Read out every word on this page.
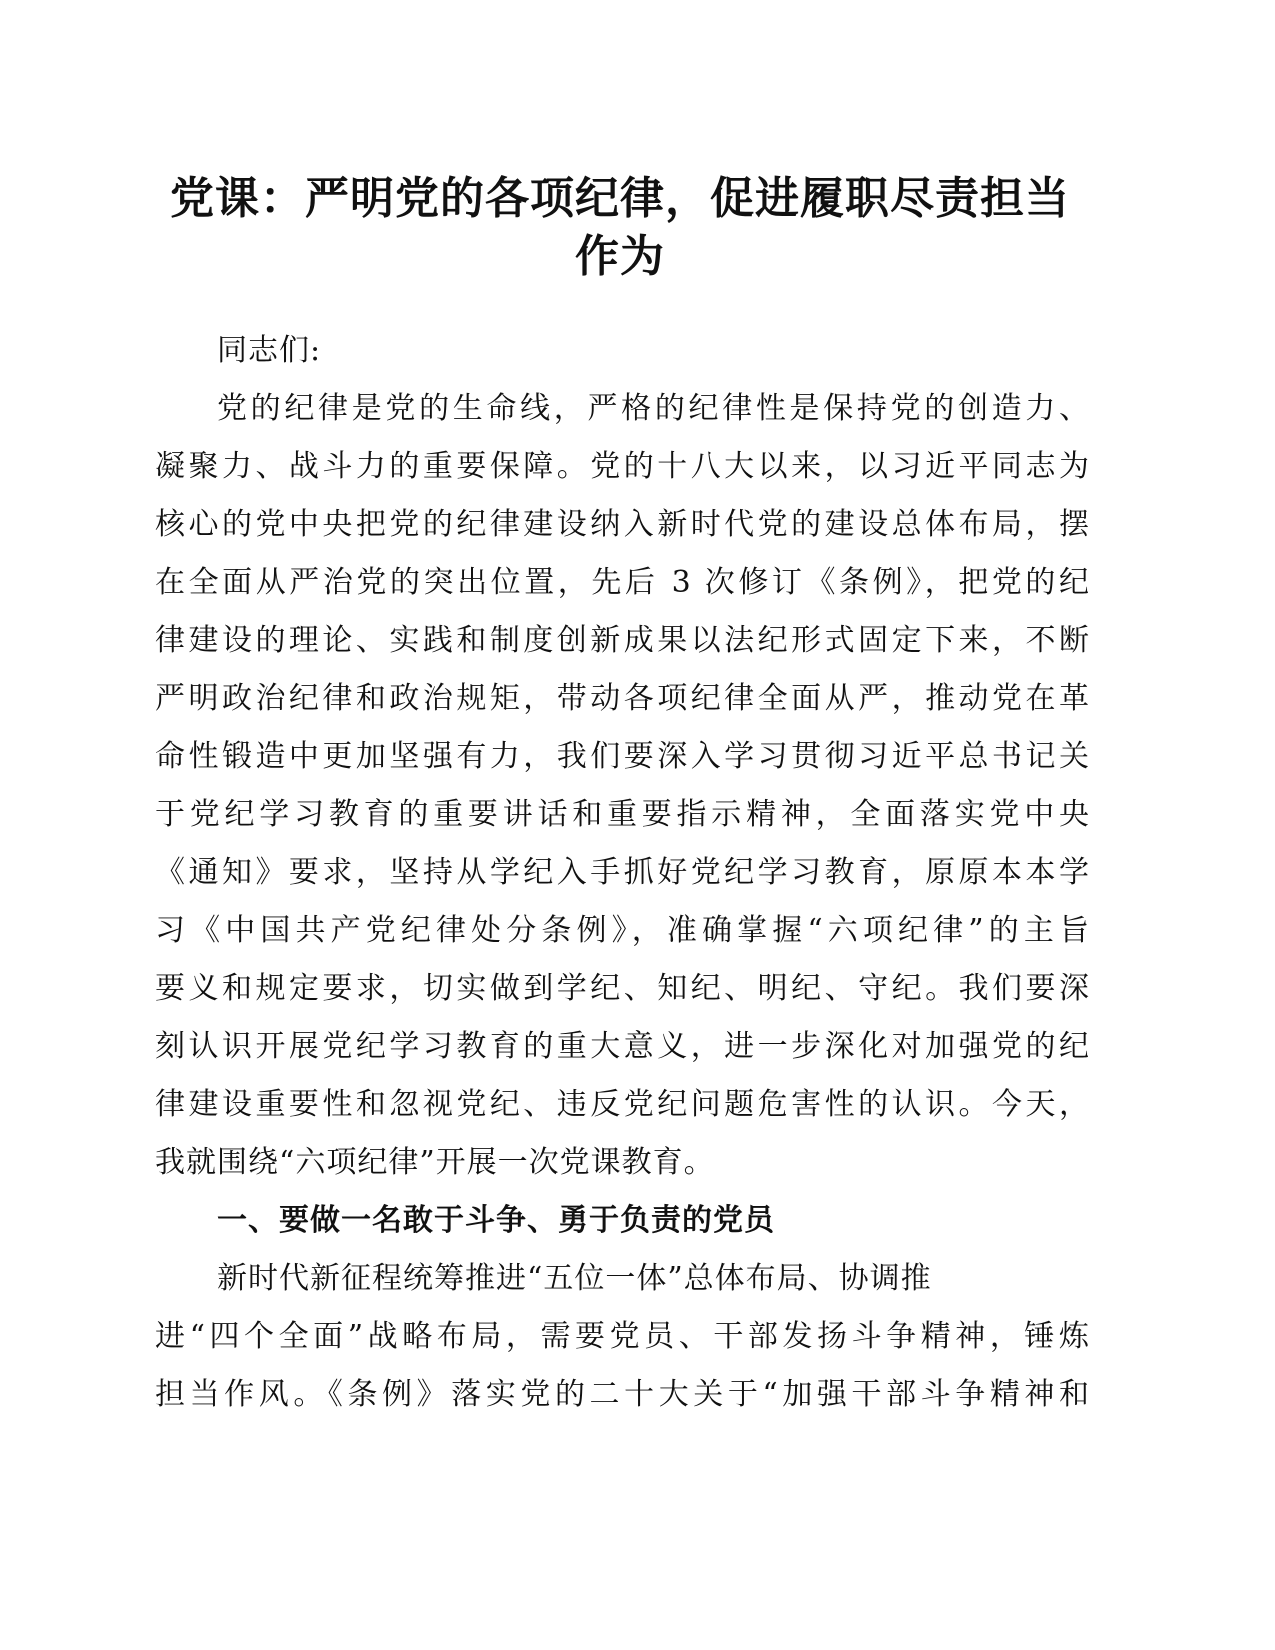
党课：严明党的各项纪律，促进履职尽责担当
作为
同志们:
党的纪律是党的生命线，严格的纪律性是保持党的创造力、
凝聚力、战斗力的重要保障。党的十八大以来，以习近平同志为
核心的党中央把党的纪律建设纳入新时代党的建设总体布局，摆
在全面从严治党的突出位置，先后 3 次修订《条例》，把党的纪
律建设的理论、实践和制度创新成果以法纪形式固定下来，不断
严明政治纪律和政治规矩，带动各项纪律全面从严，推动党在革
命性锻造中更加坚强有力，我们要深入学习贯彻习近平总书记关
于党纪学习教育的重要讲话和重要指示精神，全面落实党中央
《通知》要求，坚持从学纪入手抓好党纪学习教育，原原本本学
习《中国共产党纪律处分条例》，准确掌握“六项纪律”的主旨
要义和规定要求，切实做到学纪、知纪、明纪、守纪。我们要深
刻认识开展党纪学习教育的重大意义，进一步深化对加强党的纪
律建设重要性和忽视党纪、违反党纪问题危害性的认识。今天，
我就围绕“六项纪律”开展一次党课教育。
一、要做一名敢于斗争、勇于负责的党员
新时代新征程统筹推进“五位一体”总体布局、协调推
进“四个全面”战略布局，需要党员、干部发扬斗争精神，锤炼
担当作风。《条例》落实党的二十大关于“加强干部斗争精神和
